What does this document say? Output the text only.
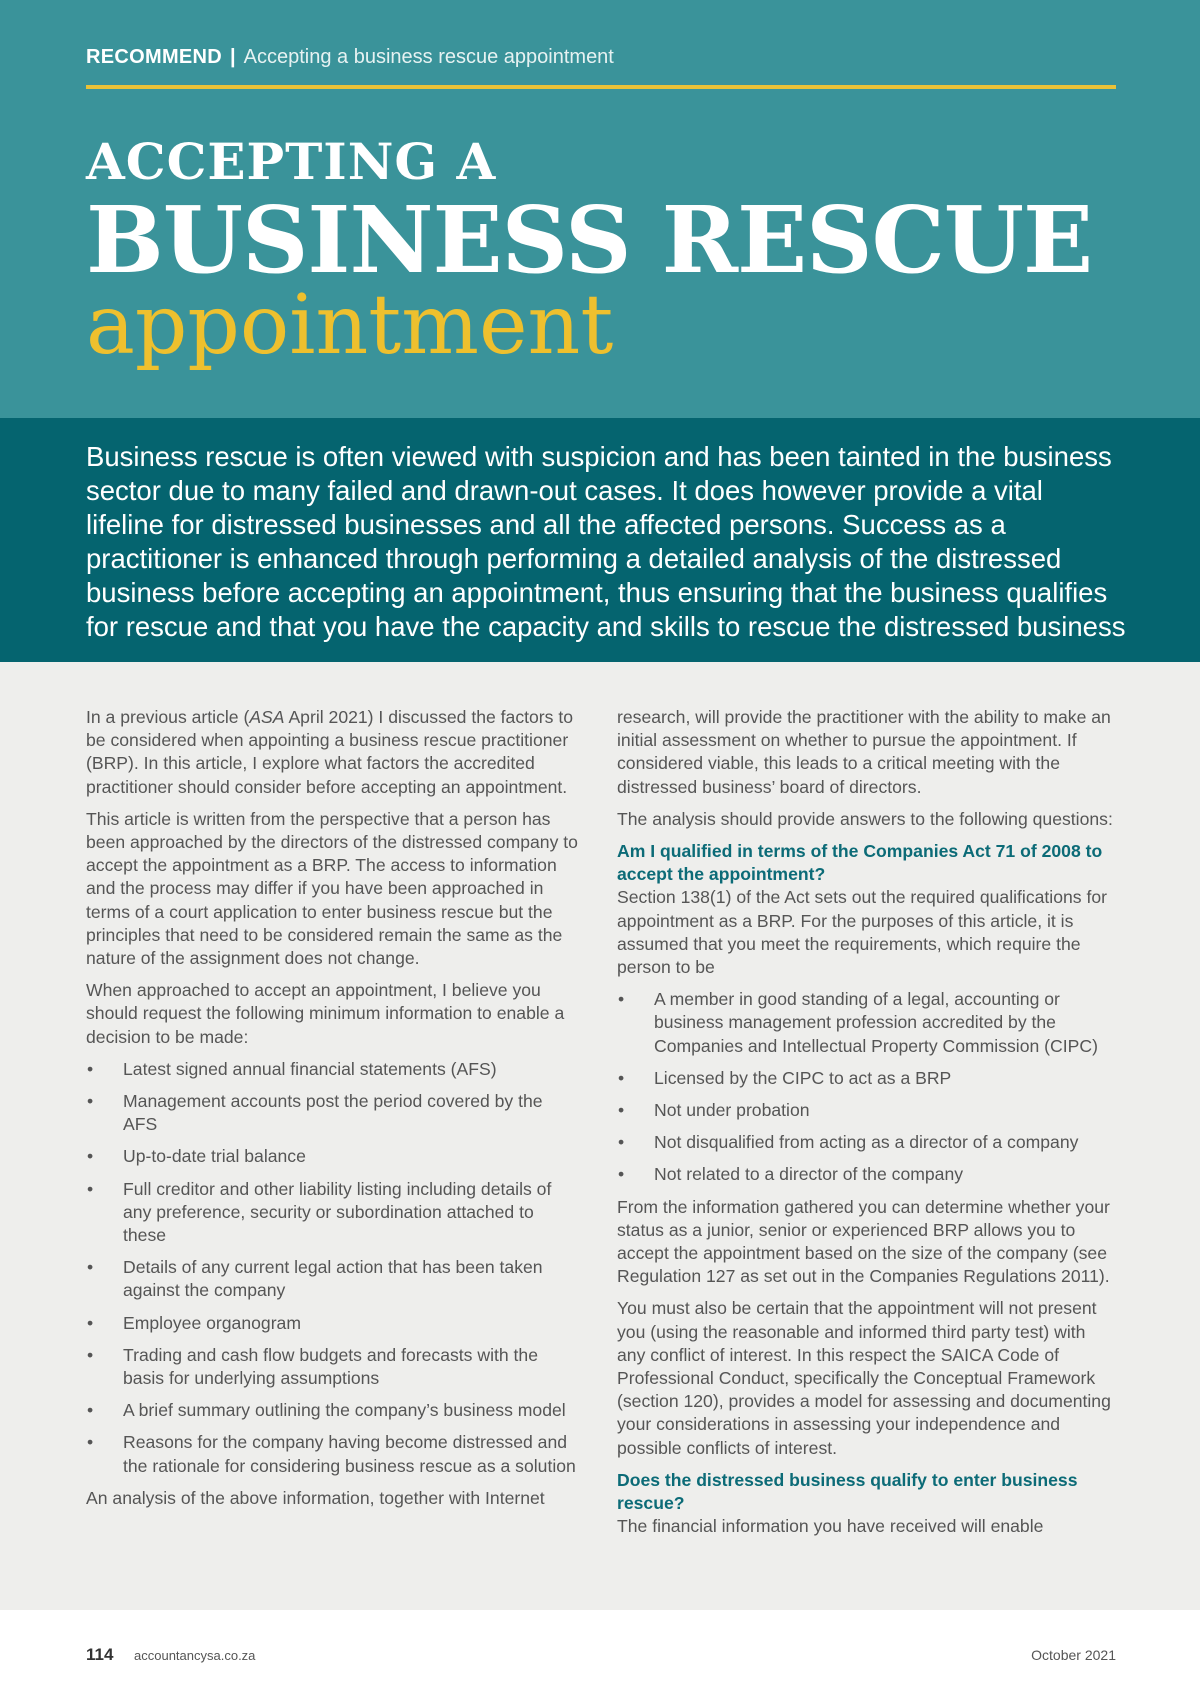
RECOMMEND | Accepting a business rescue appointment
ACCEPTING A
BUSINESS RESCUE
appointment

Business rescue is often viewed with suspicion and has been tainted in the business sector due to many failed and drawn-out cases. It does however provide a vital lifeline for distressed businesses and all the affected persons. Success as a practitioner is enhanced through performing a detailed analysis of the distressed business before accepting an appointment, thus ensuring that the business qualifies for rescue and that you have the capacity and skills to rescue the distressed business

In a previous article (ASA April 2021) I discussed the factors to be considered when appointing a business rescue practitioner (BRP). In this article, I explore what factors the accredited practitioner should consider before accepting an appointment.

This article is written from the perspective that a person has been approached by the directors of the distressed company to accept the appointment as a BRP. The access to information and the process may differ if you have been approached in terms of a court application to enter business rescue but the principles that need to be considered remain the same as the nature of the assignment does not change.

When approached to accept an appointment, I believe you should request the following minimum information to enable a decision to be made:

• Latest signed annual financial statements (AFS)
• Management accounts post the period covered by the AFS
• Up-to-date trial balance
• Full creditor and other liability listing including details of any preference, security or subordination attached to these
• Details of any current legal action that has been taken against the company
• Employee organogram
• Trading and cash flow budgets and forecasts with the basis for underlying assumptions
• A brief summary outlining the company’s business model
• Reasons for the company having become distressed and the rationale for considering business rescue as a solution

An analysis of the above information, together with Internet

research, will provide the practitioner with the ability to make an initial assessment on whether to pursue the appointment. If considered viable, this leads to a critical meeting with the distressed business’ board of directors.

The analysis should provide answers to the following questions:

Am I qualified in terms of the Companies Act 71 of 2008 to accept the appointment?

Section 138(1) of the Act sets out the required qualifications for appointment as a BRP. For the purposes of this article, it is assumed that you meet the requirements, which require the person to be

• A member in good standing of a legal, accounting or business management profession accredited by the Companies and Intellectual Property Commission (CIPC)
• Licensed by the CIPC to act as a BRP
• Not under probation
• Not disqualified from acting as a director of a company
• Not related to a director of the company

From the information gathered you can determine whether your status as a junior, senior or experienced BRP allows you to accept the appointment based on the size of the company (see Regulation 127 as set out in the Companies Regulations 2011).

You must also be certain that the appointment will not present you (using the reasonable and informed third party test) with any conflict of interest. In this respect the SAICA Code of Professional Conduct, specifically the Conceptual Framework (section 120), provides a model for assessing and documenting your considerations in assessing your independence and possible conflicts of interest.

Does the distressed business qualify to enter business rescue?

The financial information you have received will enable

114 accountancysa.co.za	October 2021
